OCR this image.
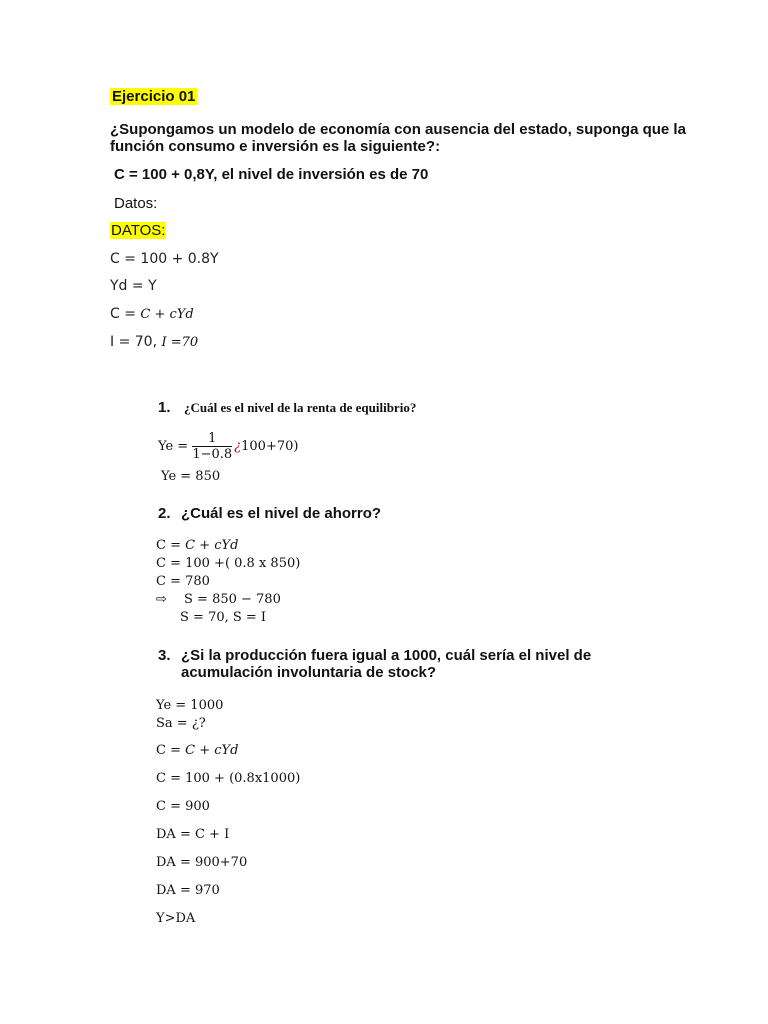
Ejercicio 01
¿Supongamos un modelo de economía con ausencia del estado, suponga que la
función consumo e inversión es la siguiente?:
C = 100 + 0,8Y, el nivel de inversión es de 70
Datos:
DATOS:
C = 100 + 0.8Y
Yd = Y
C = C + cYd
I = 70, I =70
1. ¿Cuál es el nivel de la renta de equilibrio?
$Ye = \frac{1}{1-0.8}$ ¿100+70)
Ye = 850
2. ¿Cuál es el nivel de ahorro?
C = C + cYd
C = 100 +( 0.8 x 850)
C = 780
⇨ S = 850 − 780
S = 70, S = I
3. ¿Si la producción fuera igual a 1000, cuál sería el nivel de
acumulación involuntaria de stock?
Ye = 1000
Sa = ¿?
C = C + cYd
C = 100 + (0.8x1000)
C = 900
DA = C + I
DA = 900+70
DA = 970
Y>DA
